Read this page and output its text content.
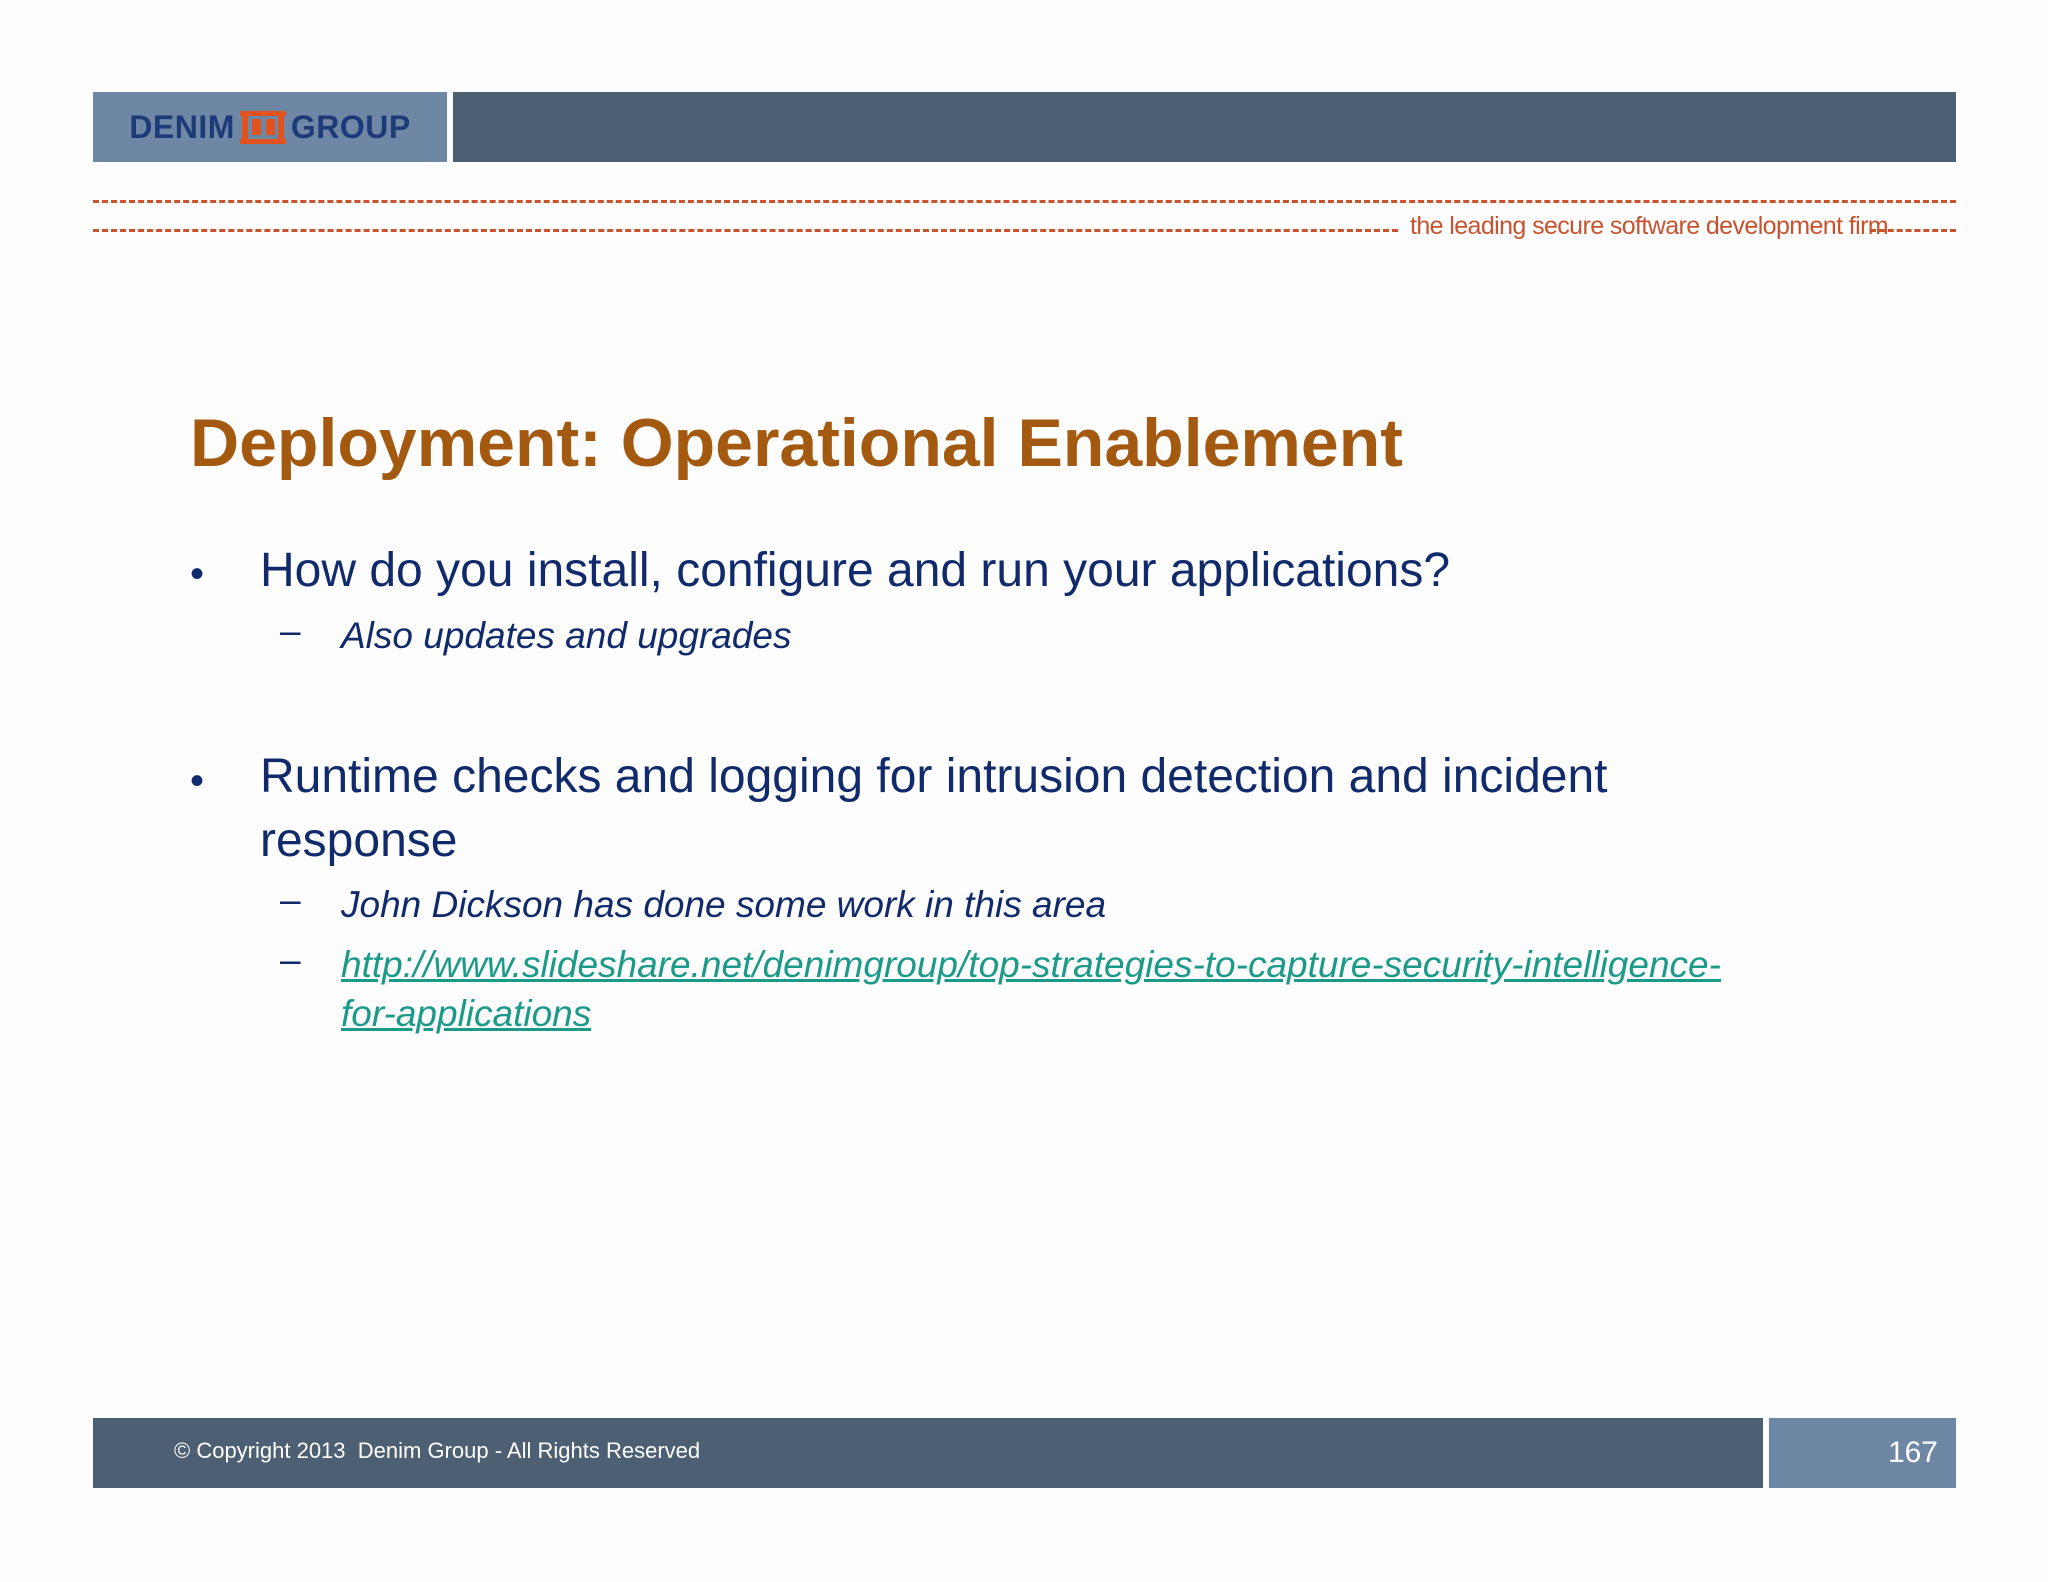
DENIM GROUP
the leading secure software development firm
Deployment: Operational Enablement
• How do you install, configure and run your applications?
– Also updates and upgrades
• Runtime checks and logging for intrusion detection and incident response
– John Dickson has done some work in this area
– http://www.slideshare.net/denimgroup/top-strategies-to-capture-security-intelligence-for-applications
© Copyright 2013  Denim Group - All Rights Reserved	167
